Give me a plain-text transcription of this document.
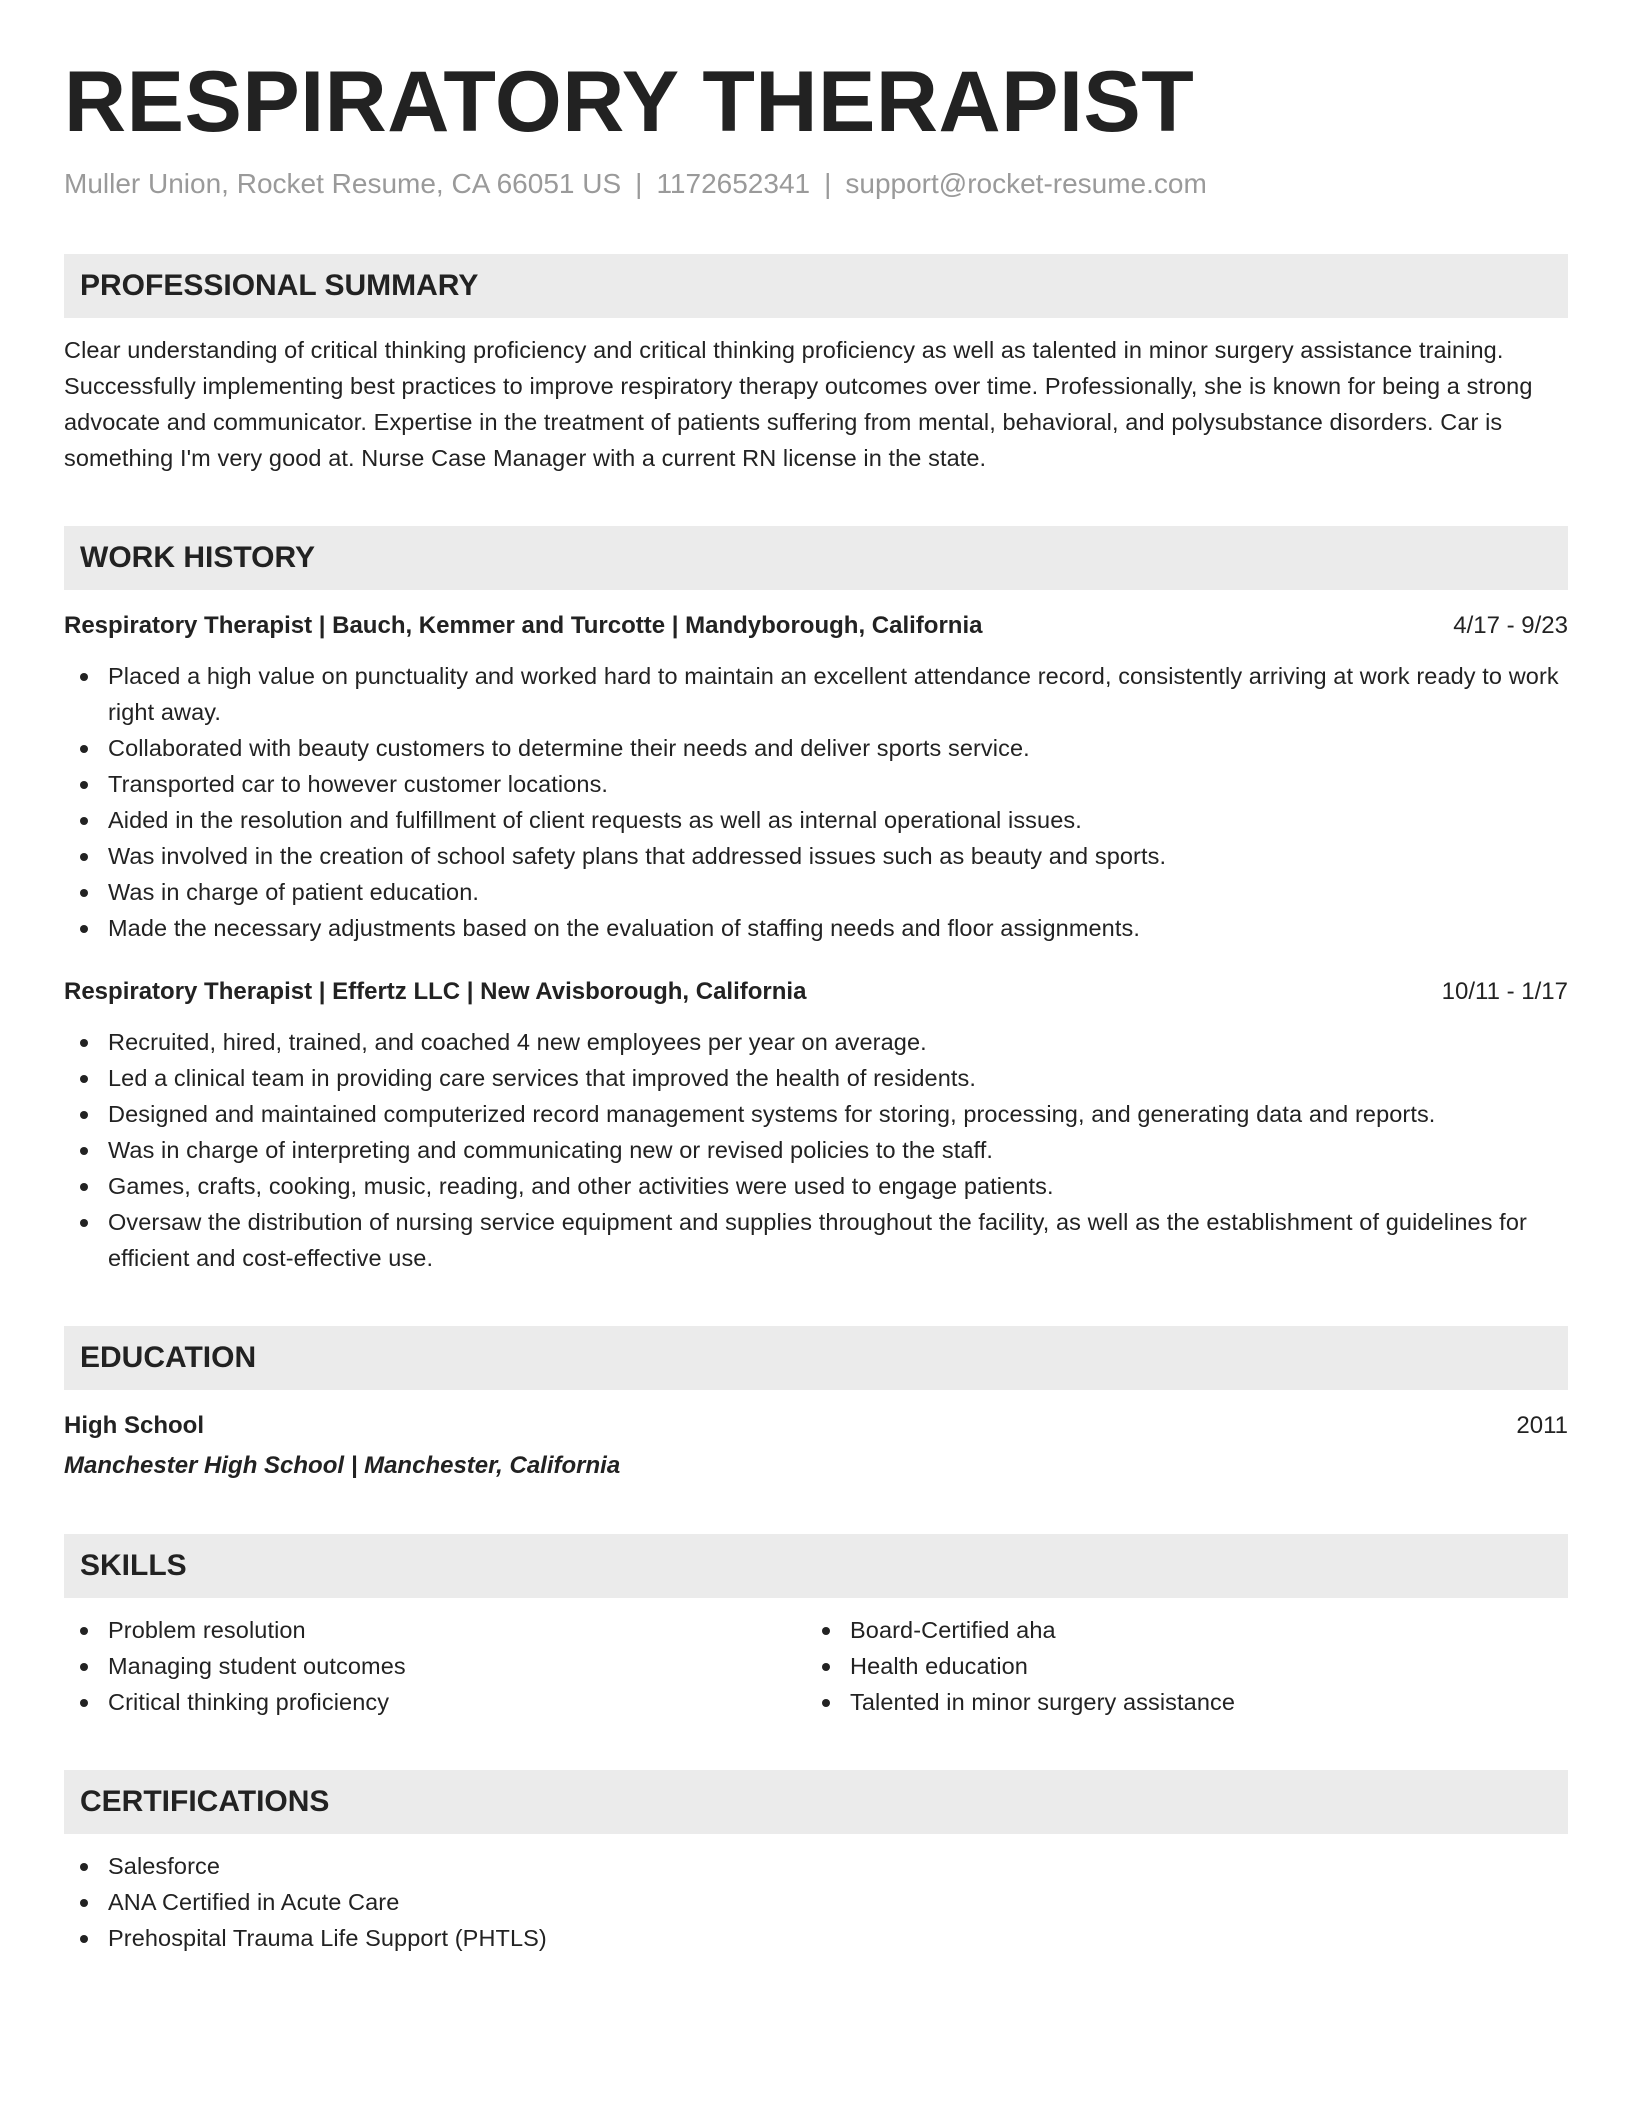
RESPIRATORY THERAPIST
Muller Union, Rocket Resume, CA 66051 US | 1172652341 | support@rocket-resume.com
PROFESSIONAL SUMMARY
Clear understanding of critical thinking proficiency and critical thinking proficiency as well as talented in minor surgery assistance training. Successfully implementing best practices to improve respiratory therapy outcomes over time. Professionally, she is known for being a strong advocate and communicator. Expertise in the treatment of patients suffering from mental, behavioral, and polysubstance disorders. Car is something I'm very good at. Nurse Case Manager with a current RN license in the state.
WORK HISTORY
Respiratory Therapist | Bauch, Kemmer and Turcotte | Mandyborough, California	4/17 - 9/23
Placed a high value on punctuality and worked hard to maintain an excellent attendance record, consistently arriving at work ready to work right away.
Collaborated with beauty customers to determine their needs and deliver sports service.
Transported car to however customer locations.
Aided in the resolution and fulfillment of client requests as well as internal operational issues.
Was involved in the creation of school safety plans that addressed issues such as beauty and sports.
Was in charge of patient education.
Made the necessary adjustments based on the evaluation of staffing needs and floor assignments.
Respiratory Therapist | Effertz LLC | New Avisborough, California	10/11 - 1/17
Recruited, hired, trained, and coached 4 new employees per year on average.
Led a clinical team in providing care services that improved the health of residents.
Designed and maintained computerized record management systems for storing, processing, and generating data and reports.
Was in charge of interpreting and communicating new or revised policies to the staff.
Games, crafts, cooking, music, reading, and other activities were used to engage patients.
Oversaw the distribution of nursing service equipment and supplies throughout the facility, as well as the establishment of guidelines for efficient and cost-effective use.
EDUCATION
High School	2011
Manchester High School | Manchester, California
SKILLS
Problem resolution
Managing student outcomes
Critical thinking proficiency
Board-Certified aha
Health education
Talented in minor surgery assistance
CERTIFICATIONS
Salesforce
ANA Certified in Acute Care
Prehospital Trauma Life Support (PHTLS)
